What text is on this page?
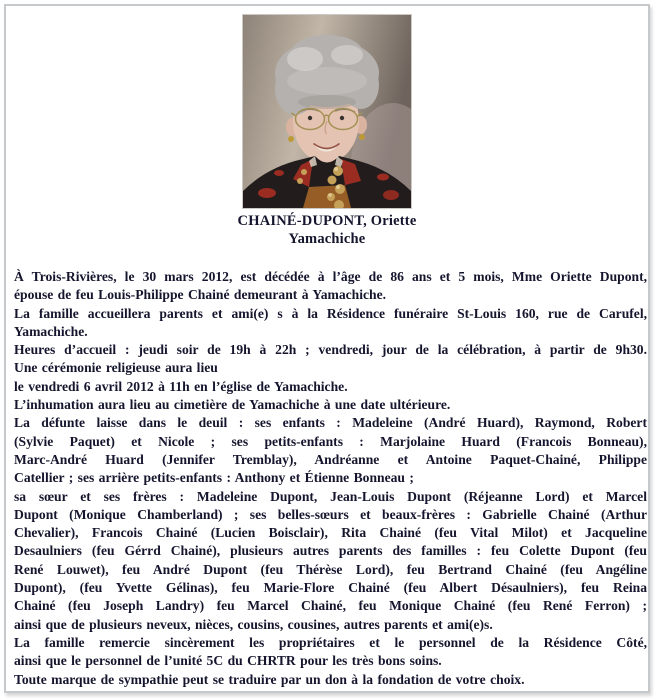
CHAINÉ-DUPONT, Oriette
Yamachiche
À Trois-Rivières, le 30 mars 2012, est décédée à l’âge de 86 ans et 5 mois, Mme Oriette Dupont,
épouse de feu Louis-Philippe Chainé demeurant à Yamachiche.
La famille accueillera parents et ami(e) s à la Résidence funéraire St-Louis 160, rue de Carufel,
Yamachiche.
Heures d’accueil : jeudi soir de 19h à 22h ; vendredi, jour de la célébration, à partir de 9h30.
Une cérémonie religieuse aura lieu
le vendredi 6 avril 2012 à 11h en l’église de Yamachiche.
L’inhumation aura lieu au cimetière de Yamachiche à une date ultérieure.
La défunte laisse dans le deuil : ses enfants : Madeleine (André Huard), Raymond, Robert
(Sylvie Paquet) et Nicole ; ses petits-enfants : Marjolaine Huard (Francois Bonneau),
Marc-André Huard (Jennifer Tremblay), Andréanne et Antoine Paquet-Chainé, Philippe
Catellier ; ses arrière petits-enfants : Anthony et Étienne Bonneau ;
sa sœur et ses frères : Madeleine Dupont, Jean-Louis Dupont (Réjeanne Lord) et Marcel
Dupont (Monique Chamberland) ; ses belles-sœurs et beaux-frères : Gabrielle Chainé (Arthur
Chevalier), Francois Chainé (Lucien Boisclair), Rita Chainé (feu Vital Milot) et Jacqueline
Desaulniers (feu Gérrd Chainé), plusieurs autres parents des familles : feu Colette Dupont (feu
René Louwet), feu André Dupont (feu Thérèse Lord), feu Bertrand Chainé (feu Angéline
Dupont), (feu Yvette Gélinas), feu Marie-Flore Chainé (feu Albert Désaulniers), feu Reina
Chainé (feu Joseph Landry) feu Marcel Chainé, feu Monique Chainé (feu René Ferron) ;
ainsi que de plusieurs neveux, nièces, cousins, cousines, autres parents et ami(e)s.
La famille remercie sincèrement les propriétaires et le personnel de la Résidence Côté,
ainsi que le personnel de l’unité 5C du CHRTR pour les très bons soins.
Toute marque de sympathie peut se traduire par un don à la fondation de votre choix.
